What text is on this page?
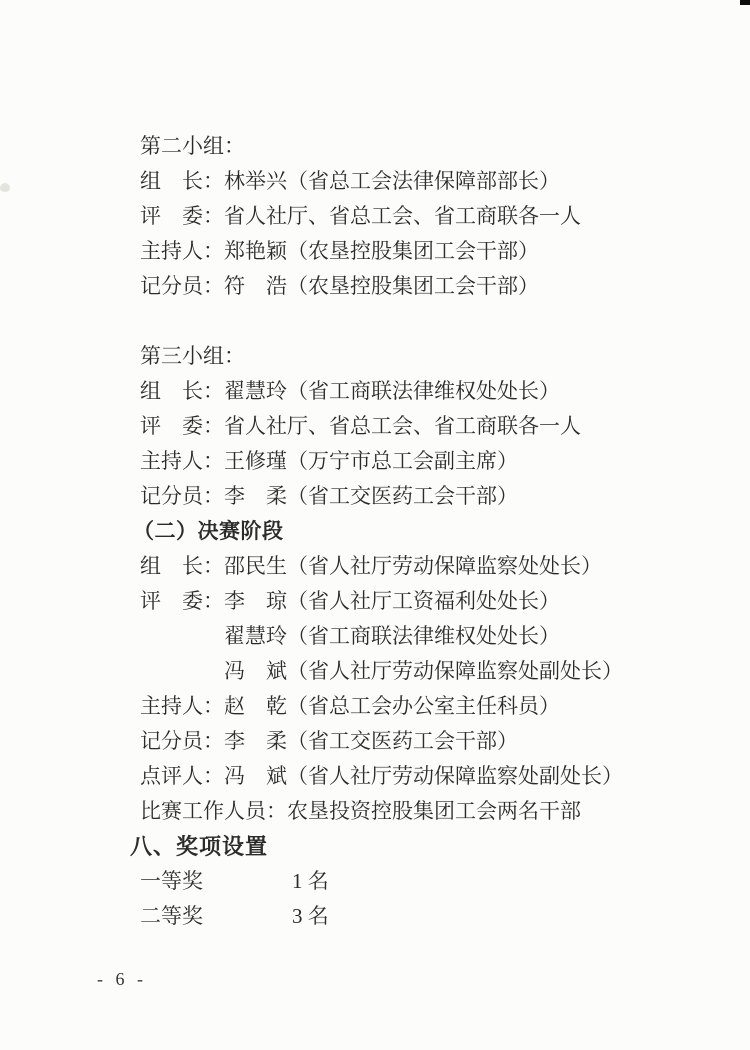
第二小组：

组　长：林举兴（省总工会法律保障部部长）

评　委：省人社厅、省总工会、省工商联各一人

主持人：郑艳颖（农垦控股集团工会干部）

记分员：符　浩（农垦控股集团工会干部）

第三小组：

组　长：翟慧玲（省工商联法律维权处处长）

评　委：省人社厅、省总工会、省工商联各一人

主持人：王修瑾（万宁市总工会副主席）

记分员：李　柔（省工交医药工会干部）

（二）决赛阶段

组　长：邵民生（省人社厅劳动保障监察处处长）

评　委：李　琼（省人社厅工资福利处处长）

翟慧玲（省工商联法律维权处处长）

冯　斌（省人社厅劳动保障监察处副处长）

主持人：赵　乾（省总工会办公室主任科员）

记分员：李　柔（省工交医药工会干部）

点评人：冯　斌（省人社厅劳动保障监察处副处长）

比赛工作人员：农垦投资控股集团工会两名干部

八、奖项设置

一等奖	1 名

二等奖	3 名

- 6 -
